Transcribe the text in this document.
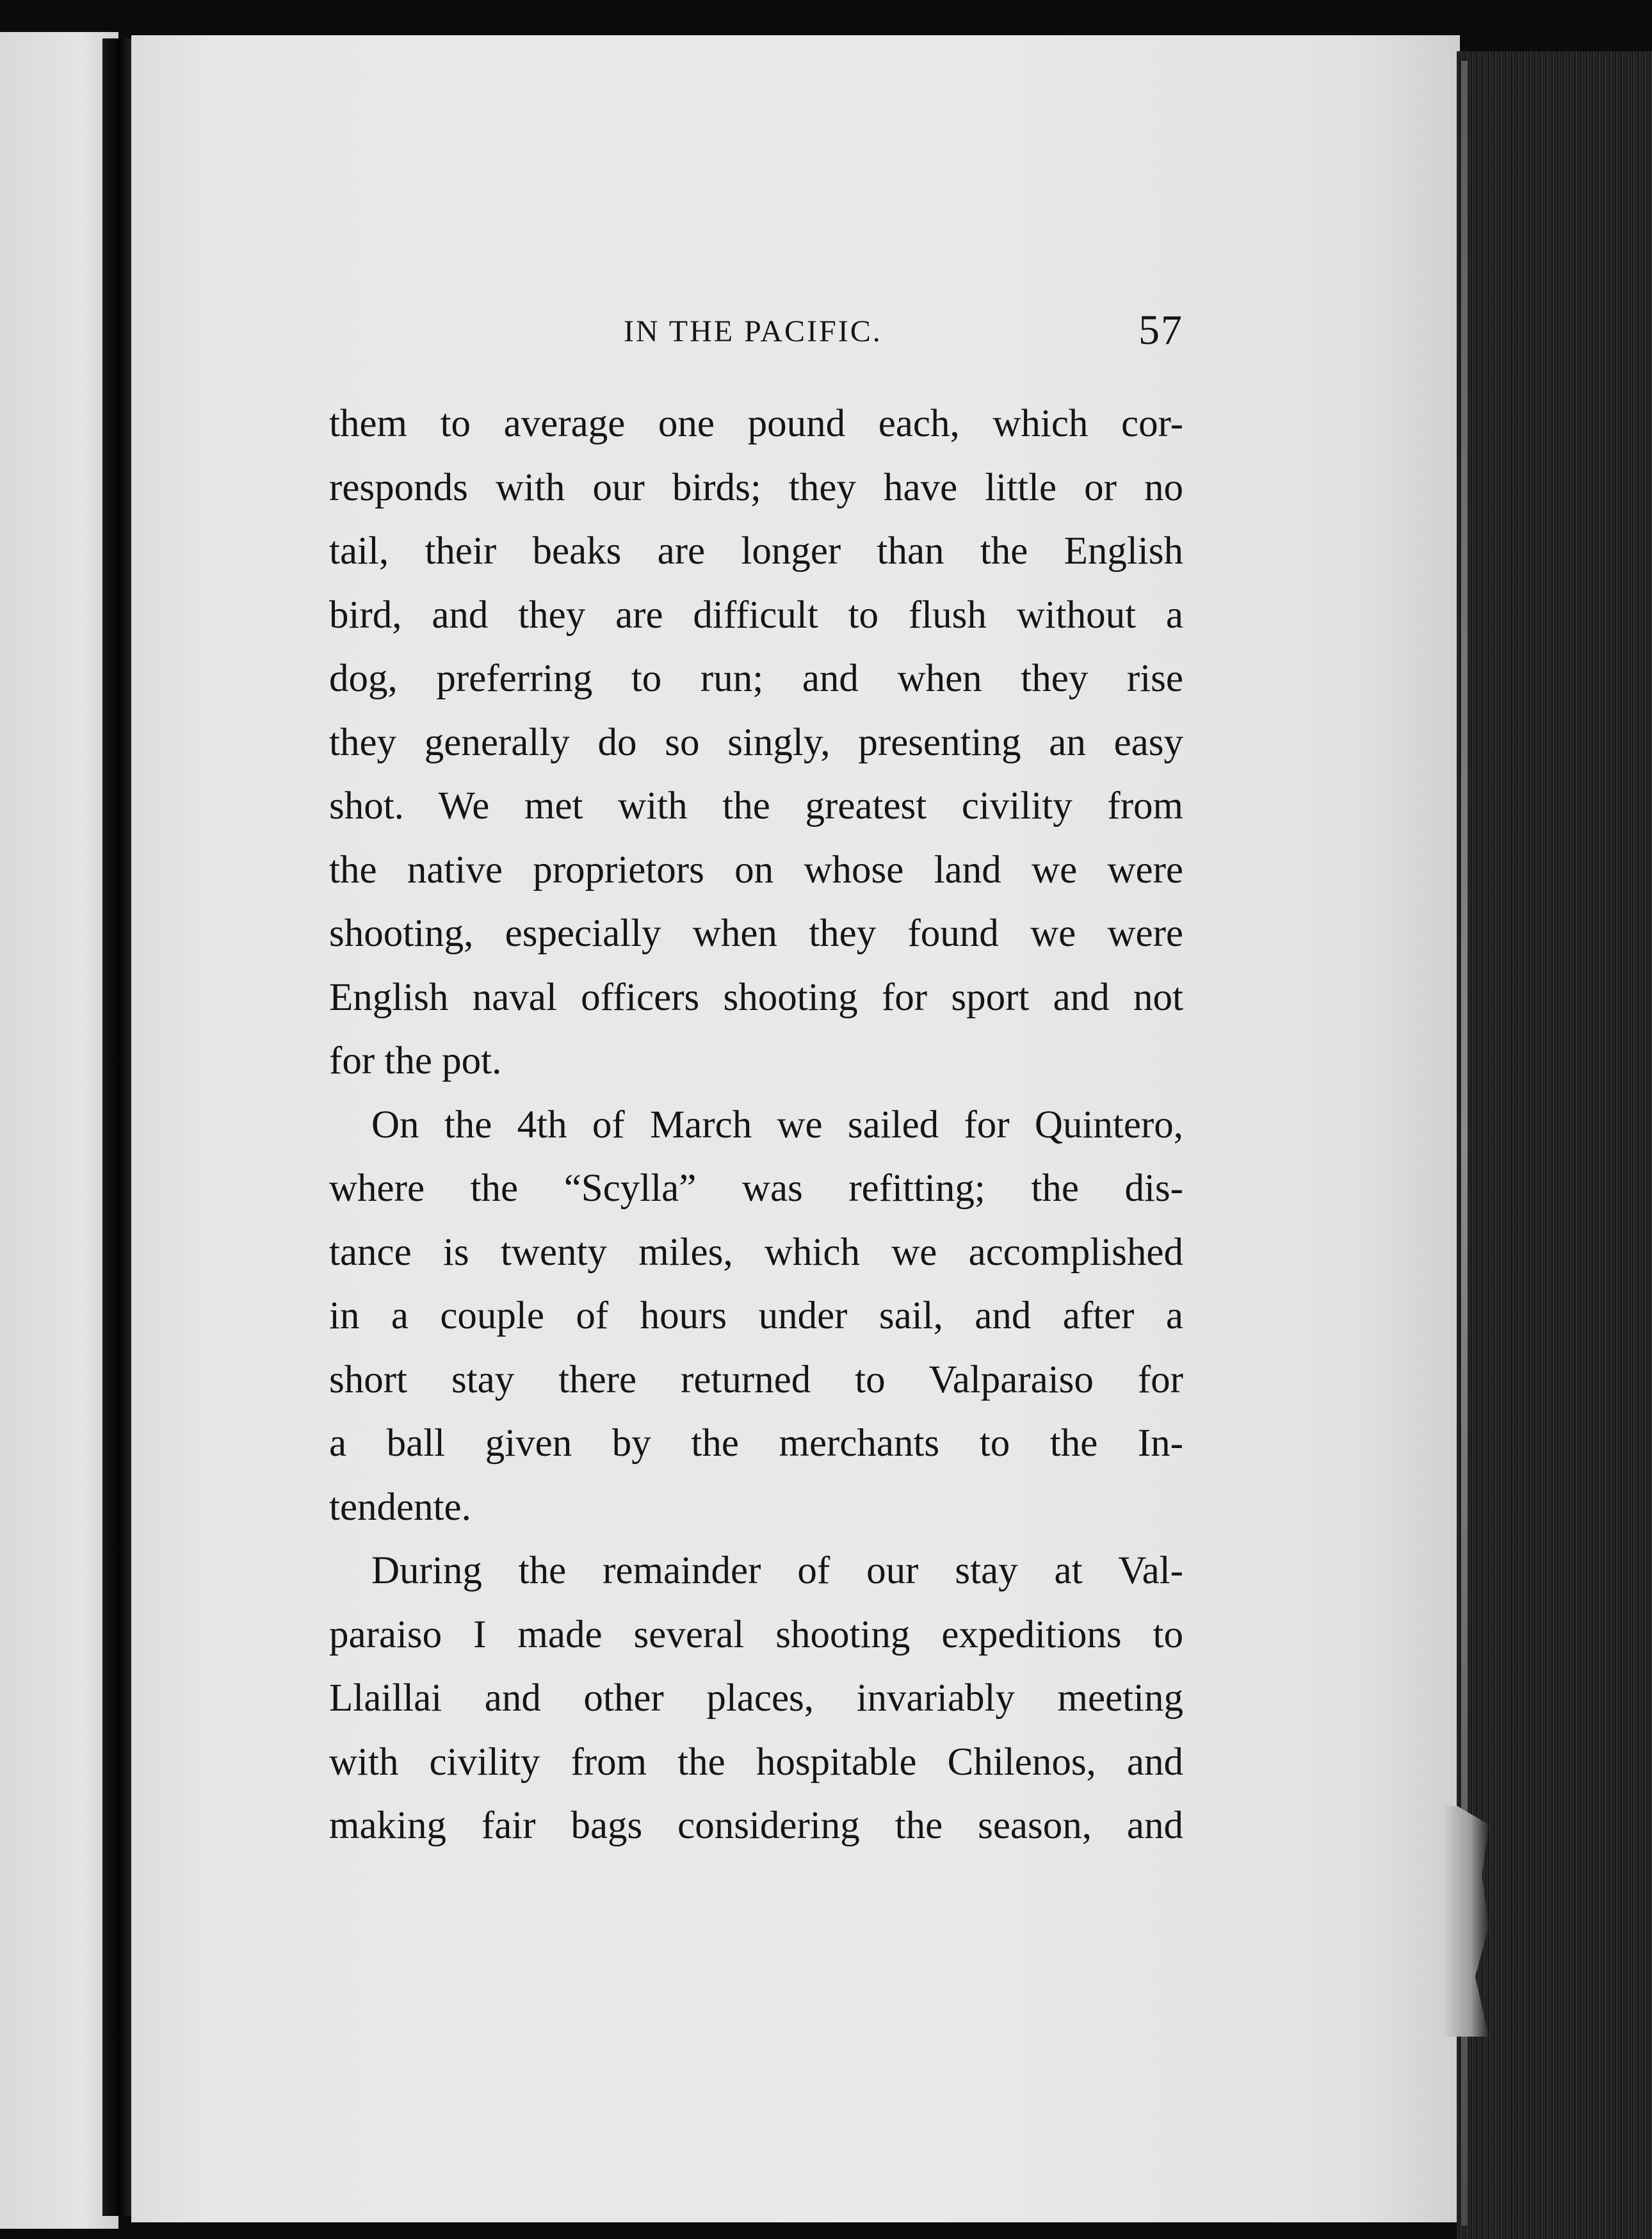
IN THE PACIFIC.	57

them to average one pound each, which cor-
responds with our birds; they have little or no
tail, their beaks are longer than the English
bird, and they are difficult to flush without a
dog, preferring to run; and when they rise
they generally do so singly, presenting an easy
shot. We met with the greatest civility from
the native proprietors on whose land we were
shooting, especially when they found we were
English naval officers shooting for sport and not
for the pot.

On the 4th of March we sailed for Quintero,
where the “Scylla” was refitting; the dis-
tance is twenty miles, which we accomplished
in a couple of hours under sail, and after a
short stay there returned to Valparaiso for
a ball given by the merchants to the In-
tendente.

During the remainder of our stay at Val-
paraiso I made several shooting expeditions to
Llaillai and other places, invariably meeting
with civility from the hospitable Chilenos, and
making fair bags considering the season, and
